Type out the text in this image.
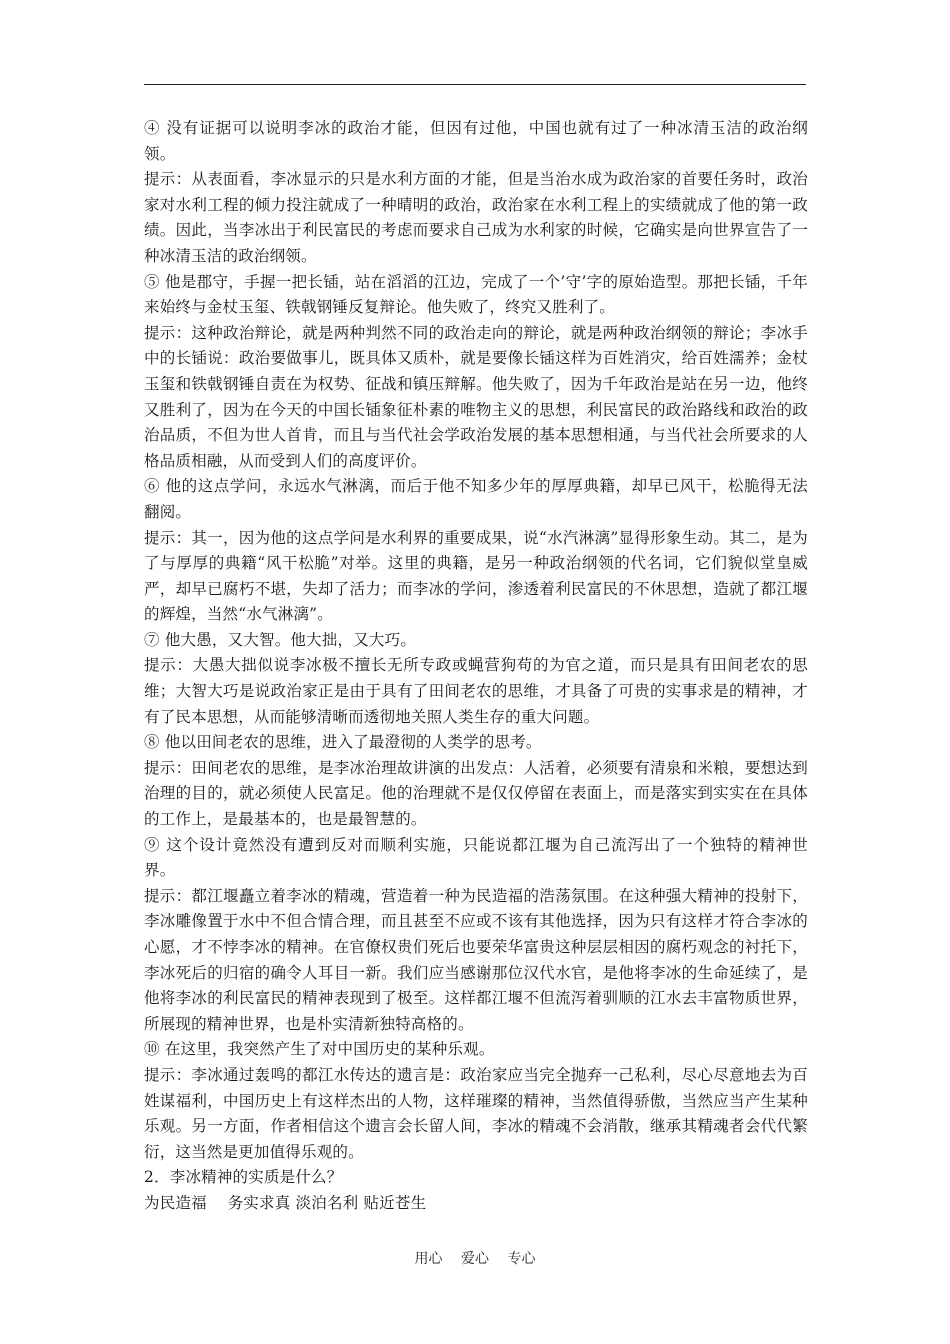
④ 没有证据可以说明李冰的政治才能，但因有过他，中国也就有过了一种冰清玉洁的政治纲领。

提示：从表面看，李冰显示的只是水利方面的才能，但是当治水成为政治家的首要任务时，政治家对水利工程的倾力投注就成了一种晴明的政治，政治家在水利工程上的实绩就成了他的第一政绩。因此，当李冰出于利民富民的考虑而要求自己成为水利家的时候，它确实是向世界宣告了一种冰清玉洁的政治纲领。

⑤ 他是郡守，手握一把长锸，站在滔滔的江边，完成了一个’守’字的原始造型。那把长锸，千年来始终与金杖玉玺、铁戟钢锤反复辩论。他失败了，终究又胜利了。

提示：这种政治辩论，就是两种判然不同的政治走向的辩论，就是两种政治纲领的辩论；李冰手中的长锸说：政治要做事儿，既具体又质朴，就是要像长锸这样为百姓消灾，给百姓濡养；金杖玉玺和铁戟钢锤自责在为权势、征战和镇压辩解。他失败了，因为千年政治是站在另一边，他终又胜利了，因为在今天的中国长锸象征朴素的唯物主义的思想，利民富民的政治路线和政治的政治品质，不但为世人首肯，而且与当代社会学政治发展的基本思想相通，与当代社会所要求的人格品质相融，从而受到人们的高度评价。

⑥ 他的这点学问，永远水气淋漓，而后于他不知多少年的厚厚典籍，却早已风干，松脆得无法翻阅。

提示：其一，因为他的这点学问是水利界的重要成果，说“水汽淋漓”显得形象生动。其二，是为了与厚厚的典籍“风干松脆”对举。这里的典籍，是另一种政治纲领的代名词，它们貌似堂皇威严，却早已腐朽不堪，失却了活力；而李冰的学问，渗透着利民富民的不休思想，造就了都江堰的辉煌，当然“水气淋漓”。

⑦ 他大愚，又大智。他大拙，又大巧。

提示：大愚大拙似说李冰极不擅长无所专政或蝇营狗苟的为官之道，而只是具有田间老农的思维；大智大巧是说政治家正是由于具有了田间老农的思维，才具备了可贵的实事求是的精神，才有了民本思想，从而能够清晰而透彻地关照人类生存的重大问题。

⑧ 他以田间老农的思维，进入了最澄彻的人类学的思考。

提示：田间老农的思维，是李冰治理故讲演的出发点：人活着，必须要有清泉和米粮，要想达到治理的目的，就必须使人民富足。他的治理就不是仅仅停留在表面上，而是落实到实实在在具体的工作上，是最基本的，也是最智慧的。

⑨ 这个设计竟然没有遭到反对而顺利实施，只能说都江堰为自己流泻出了一个独特的精神世界。

提示：都江堰矗立着李冰的精魂，营造着一种为民造福的浩荡氛围。在这种强大精神的投射下，李冰雕像置于水中不但合情合理，而且甚至不应或不该有其他选择，因为只有这样才符合李冰的心愿，才不悖李冰的精神。在官僚权贵们死后也要荣华富贵这种层层相因的腐朽观念的衬托下，李冰死后的归宿的确令人耳目一新。我们应当感谢那位汉代水官，是他将李冰的生命延续了，是他将李冰的利民富民的精神表现到了极至。这样都江堰不但流泻着驯顺的江水去丰富物质世界，所展现的精神世界，也是朴实清新独特高格的。

⑩ 在这里，我突然产生了对中国历史的某种乐观。

提示：李冰通过轰鸣的都江水传达的遗言是：政治家应当完全抛弃一己私利，尽心尽意地去为百姓谋福利，中国历史上有这样杰出的人物，这样璀璨的精神，当然值得骄傲，当然应当产生某种乐观。另一方面，作者相信这个遗言会长留人间，李冰的精魂不会消散，继承其精魂者会代代繁衍，这当然是更加值得乐观的。

2．李冰精神的实质是什么？

为民造福　 务实求真 淡泊名利 贴近苍生

用心　 爱心　 专心
